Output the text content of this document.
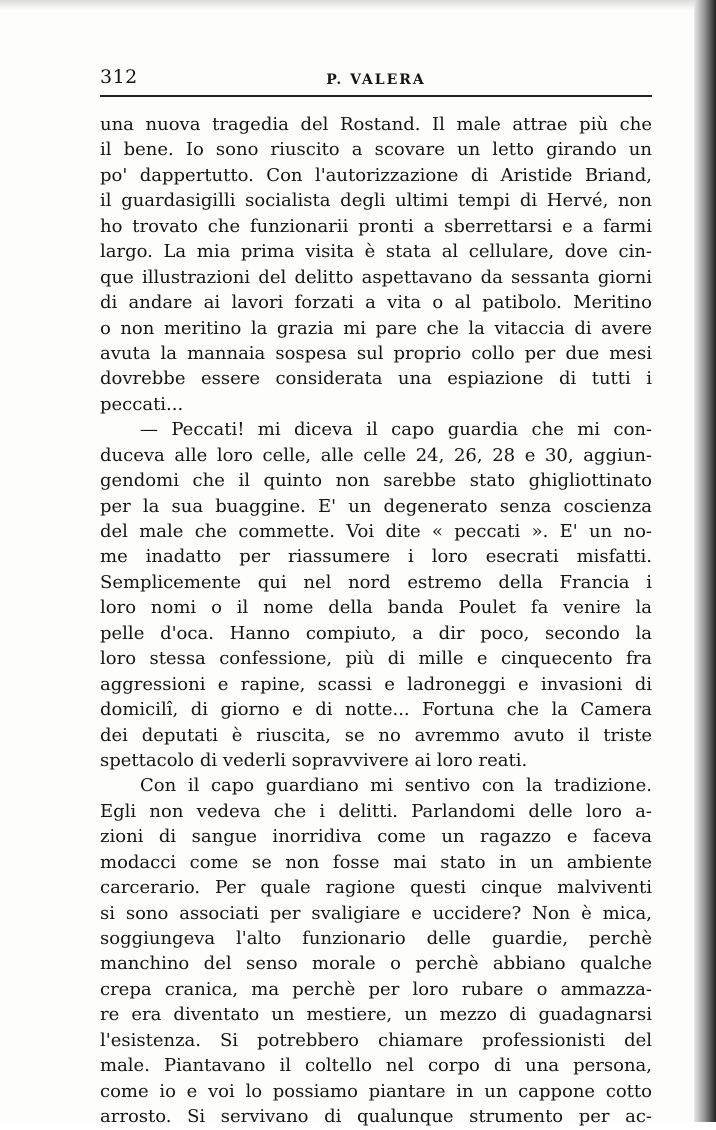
312	P. VALERA
una nuova tragedia del Rostand. Il male attrae più che
il bene. Io sono riuscito a scovare un letto girando un
po' dappertutto. Con l'autorizzazione di Aristide Briand,
il guardasigilli socialista degli ultimi tempi di Hervé, non
ho trovato che funzionarii pronti a sberrettarsi e a farmi
largo. La mia prima visita è stata al cellulare, dove cin-
que illustrazioni del delitto aspettavano da sessanta giorni
di andare ai lavori forzati a vita o al patibolo. Meritino
o non meritino la grazia mi pare che la vitaccia di avere
avuta la mannaia sospesa sul proprio collo per due mesi
dovrebbe essere considerata una espiazione di tutti i
peccati...
— Peccati! mi diceva il capo guardia che mi con-
duceva alle loro celle, alle celle 24, 26, 28 e 30, aggiun-
gendomi che il quinto non sarebbe stato ghigliottinato
per la sua buaggine. E' un degenerato senza coscienza
del male che commette. Voi dite « peccati ». E' un no-
me inadatto per riassumere i loro esecrati misfatti.
Semplicemente qui nel nord estremo della Francia i
loro nomi o il nome della banda Poulet fa venire la
pelle d'oca. Hanno compiuto, a dir poco, secondo la
loro stessa confessione, più di mille e cinquecento fra
aggressioni e rapine, scassi e ladroneggi e invasioni di
domicilî, di giorno e di notte... Fortuna che la Camera
dei deputati è riuscita, se no avremmo avuto il triste
spettacolo di vederli sopravvivere ai loro reati.
Con il capo guardiano mi sentivo con la tradizione.
Egli non vedeva che i delitti. Parlandomi delle loro a-
zioni di sangue inorridiva come un ragazzo e faceva
modacci come se non fosse mai stato in un ambiente
carcerario. Per quale ragione questi cinque malviventi
si sono associati per svaligiare e uccidere? Non è mica,
soggiungeva l'alto funzionario delle guardie, perchè
manchino del senso morale o perchè abbiano qualche
crepa cranica, ma perchè per loro rubare o ammazza-
re era diventato un mestiere, un mezzo di guadagnarsi
l'esistenza. Si potrebbero chiamare professionisti del
male. Piantavano il coltello nel corpo di una persona,
come io e voi lo possiamo piantare in un cappone cotto
arrosto. Si servivano di qualunque strumento per ac-
